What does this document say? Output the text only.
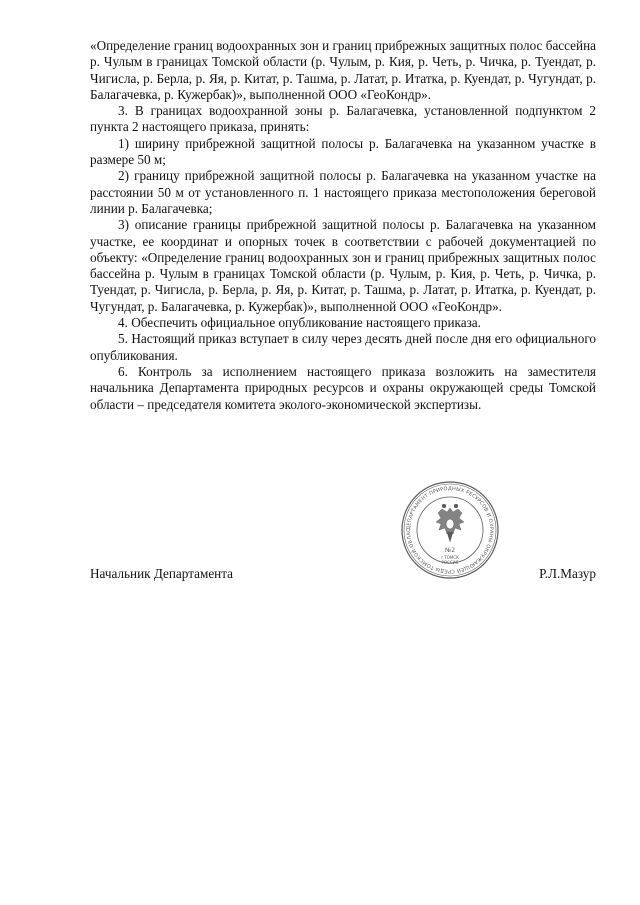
«Определение границ водоохранных зон и границ прибрежных защитных полос бассейна р. Чулым в границах Томской области (р. Чулым, р. Кия, р. Четь, р. Чичка, р. Туендат, р. Чигисла, р. Берла, р. Яя, р. Китат, р. Ташма, р. Латат, р. Итатка, р. Куендат, р. Чугундат, р. Балагачевка, р. Кужербак)», выполненной ООО «ГеоКондр».

3. В границах водоохранной зоны р. Балагачевка, установленной подпунктом 2 пункта 2 настоящего приказа, принять:

1) ширину прибрежной защитной полосы р. Балагачевка на указанном участке в размере 50 м;

2) границу прибрежной защитной полосы р. Балагачевка на указанном участке на расстоянии 50 м от установленного п. 1 настоящего приказа местоположения береговой линии р. Балагачевка;

3) описание границы прибрежной защитной полосы р. Балагачевка на указанном участке, ее координат и опорных точек в соответствии с рабочей документацией по объекту: «Определение границ водоохранных зон и границ прибрежных защитных полос бассейна р. Чулым в границах Томской области (р. Чулым, р. Кия, р. Четь, р. Чичка, р. Туендат, р. Чигисла, р. Берла, р. Яя, р. Китат, р. Ташма, р. Латат, р. Итатка, р. Куендат, р. Чугундат, р. Балагачевка, р. Кужербак)», выполненной ООО «ГеоКондр».

4. Обеспечить официальное опубликование настоящего приказа.

5. Настоящий приказ вступает в силу через десять дней после дня его официального опубликования.

6. Контроль за исполнением настоящего приказа возложить на заместителя начальника Департамента природных ресурсов и охраны окружающей среды Томской области – председателя комитета эколого-экономической экспертизы.

ДЕПАРТАМЕНТ ПРИРОДНЫХ РЕСУРСОВ И ОХРАНЫ ОКРУЖАЮЩЕЙ СРЕДЫ ТОМСКОЙ ОБЛАС
№2
г.ТОМСК
РОССИЯ
Начальник Департамента	Р.Л.Мазур
